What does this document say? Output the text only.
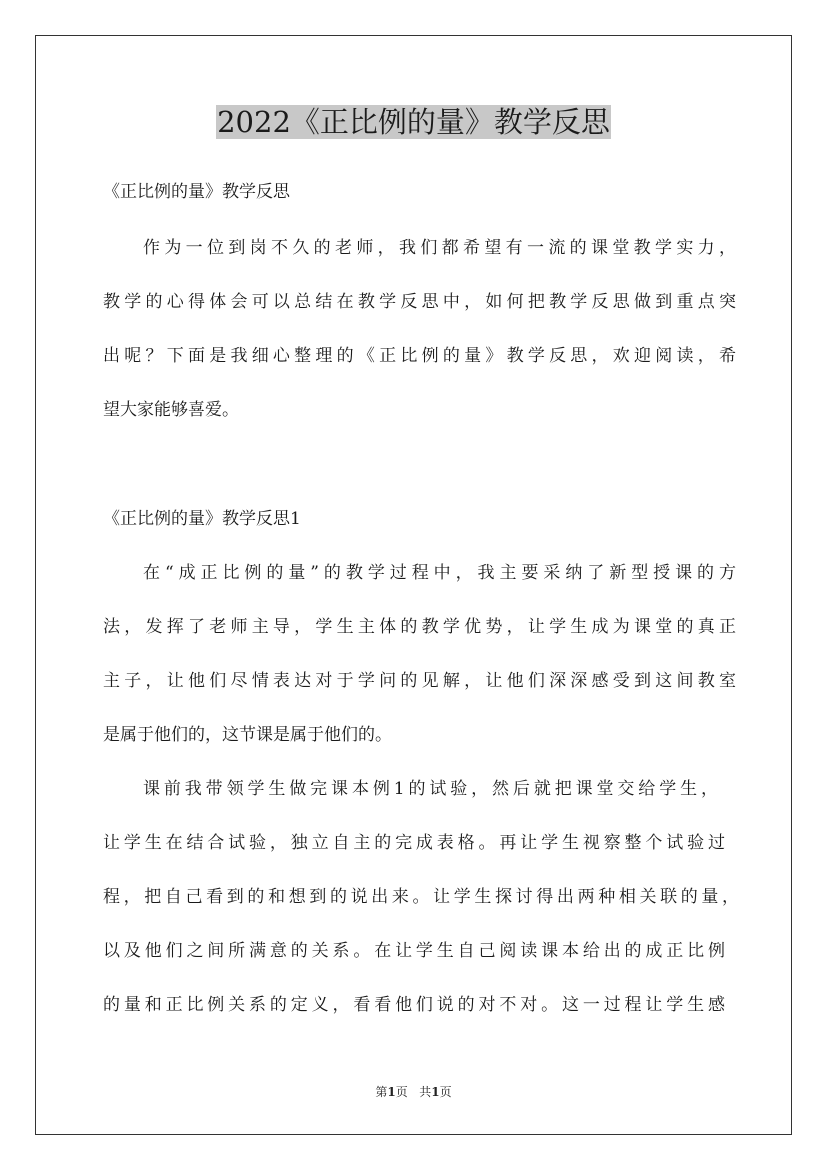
2022《正比例的量》教学反思
《正比例的量》教学反思
作为一位到岗不久的老师，我们都希望有一流的课堂教学实力，
教学的心得体会可以总结在教学反思中，如何把教学反思做到重点突
出呢？下面是我细心整理的《正比例的量》教学反思，欢迎阅读，希
望大家能够喜爱。
《正比例的量》教学反思1
在“成正比例的量”的教学过程中，我主要采纳了新型授课的方
法，发挥了老师主导，学生主体的教学优势，让学生成为课堂的真正
主子，让他们尽情表达对于学问的见解，让他们深深感受到这间教室
是属于他们的，这节课是属于他们的。
课前我带领学生做完课本例1的试验，然后就把课堂交给学生，
让学生在结合试验，独立自主的完成表格。再让学生视察整个试验过
程，把自己看到的和想到的说出来。让学生探讨得出两种相关联的量，
以及他们之间所满意的关系。在让学生自己阅读课本给出的成正比例
的量和正比例关系的定义，看看他们说的对不对。这一过程让学生感
第1页   共1页
